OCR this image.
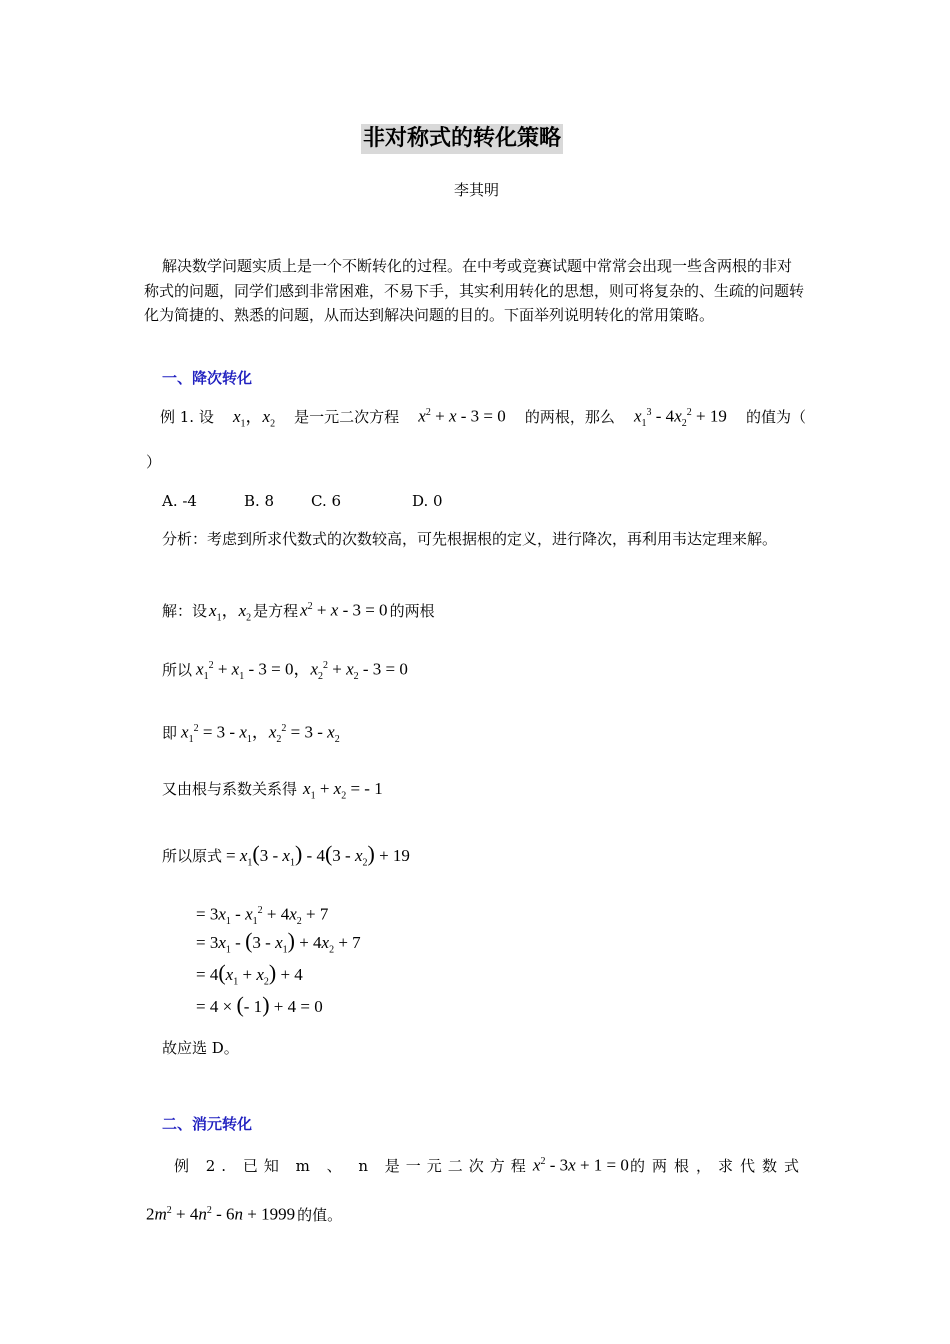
非对称式的转化策略
李其明
解决数学问题实质上是一个不断转化的过程。在中考或竞赛试题中常常会出现一些含两根的非对称式的问题，同学们感到非常困难，不易下手，其实利用转化的思想，则可将复杂的、生疏的问题转化为简捷的、熟悉的问题，从而达到解决问题的目的。下面举列说明转化的常用策略。
一、降次转化
例 1. 设 $x_1$，$x_2$ 是一元二次方程 $x^2 + x - 3 = 0$ 的两根，那么 $x_1^3 - 4x_2^2 + 19$ 的值为（
）
A. -4	B. 8 C. 6	D. 0
分析：考虑到所求代数式的次数较高，可先根据根的定义，进行降次，再利用韦达定理来解。
解：设 $x_1$，$x_2$ 是方程 $x^2 + x - 3 = 0$ 的两根
所以 $x_1^2 + x_1 - 3 = 0$，$x_2^2 + x_2 - 3 = 0$
即 $x_1^2 = 3 - x_1$，$x_2^2 = 3 - x_2$
又由根与系数关系得 $x_1 + x_2$ = - 1
所以原式 = $x_1(3 - x_1) - 4(3 - x_2) + 19$
= $3x_1 - x_1^2 + 4x_2 + 7$
= $3x_1 - (3 - x_1) + 4x_2 + 7$
= $4(x_1 + x_2) + 4$
= 4 × (- 1) + 4 = 0
故应选 D。
二、消元转化
例 2. 已知 m 、 n 是一元二次方程 $x^2 - 3x + 1 = 0$ 的两根，求代数式
$2m^2 + 4n^2 - 6n + 1999$ 的值。
